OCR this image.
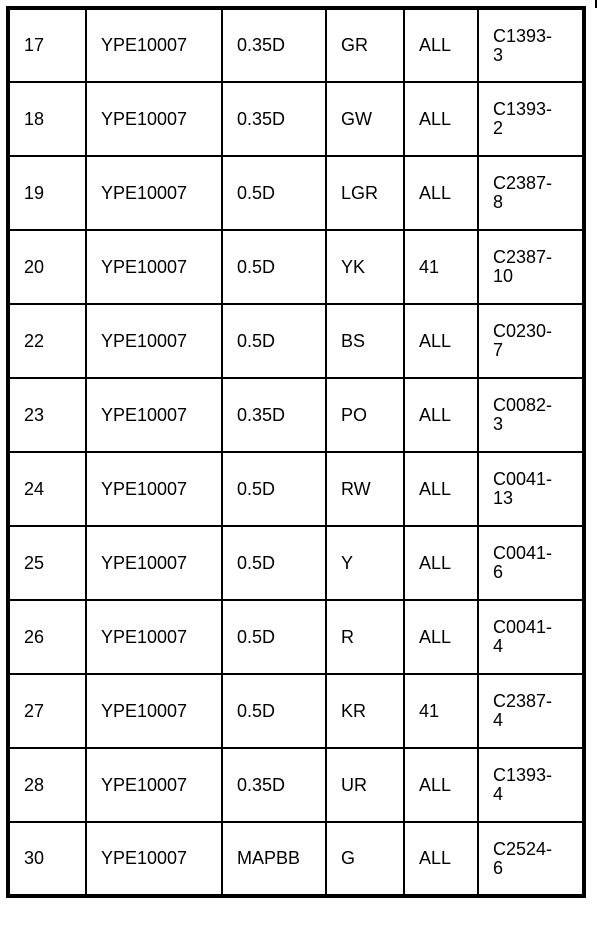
17	YPE10007	0.35D	GR	ALL	C1393-
3

18	YPE10007	0.35D	GW	ALL	C1393-
2

19	YPE10007	0.5D	LGR	ALL	C2387-
8

20	YPE10007	0.5D	YK	41	C2387-
10

22	YPE10007	0.5D	BS	ALL	C0230-
7

23	YPE10007	0.35D	PO	ALL	C0082-
3

24	YPE10007	0.5D	RW	ALL	C0041-
13

25	YPE10007	0.5D	Y	ALL	C0041-
6

26	YPE10007	0.5D	R	ALL	C0041-
4

27	YPE10007	0.5D	KR	41	C2387-
4

28	YPE10007	0.35D	UR	ALL	C1393-
4

30	YPE10007	MAPBB	G	ALL	C2524-
6
